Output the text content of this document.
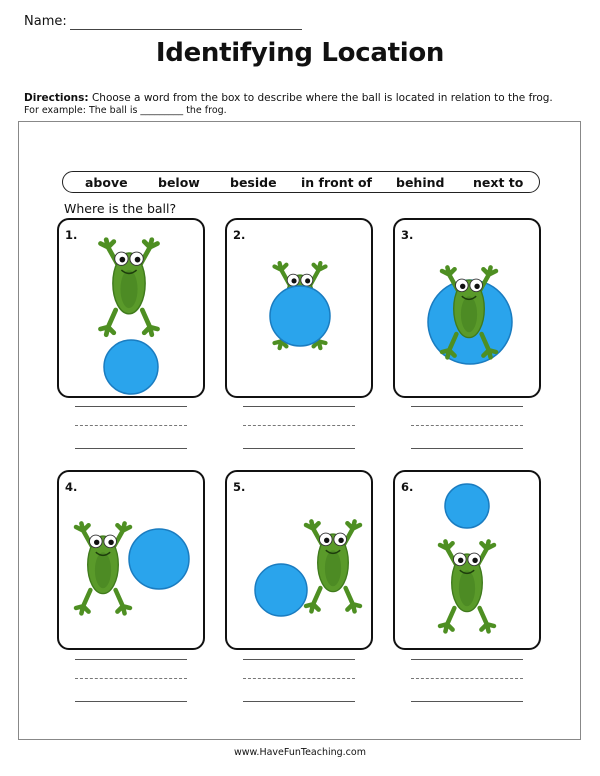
Name:
Identifying Location
Directions: Choose a word from the box to describe where the ball is located in relation to the frog.
For example: The ball is _________ the frog.
above below beside in front of behind next to
Where is the ball?
1.	2.	3.
4.	5.	6.
www.HaveFunTeaching.com
